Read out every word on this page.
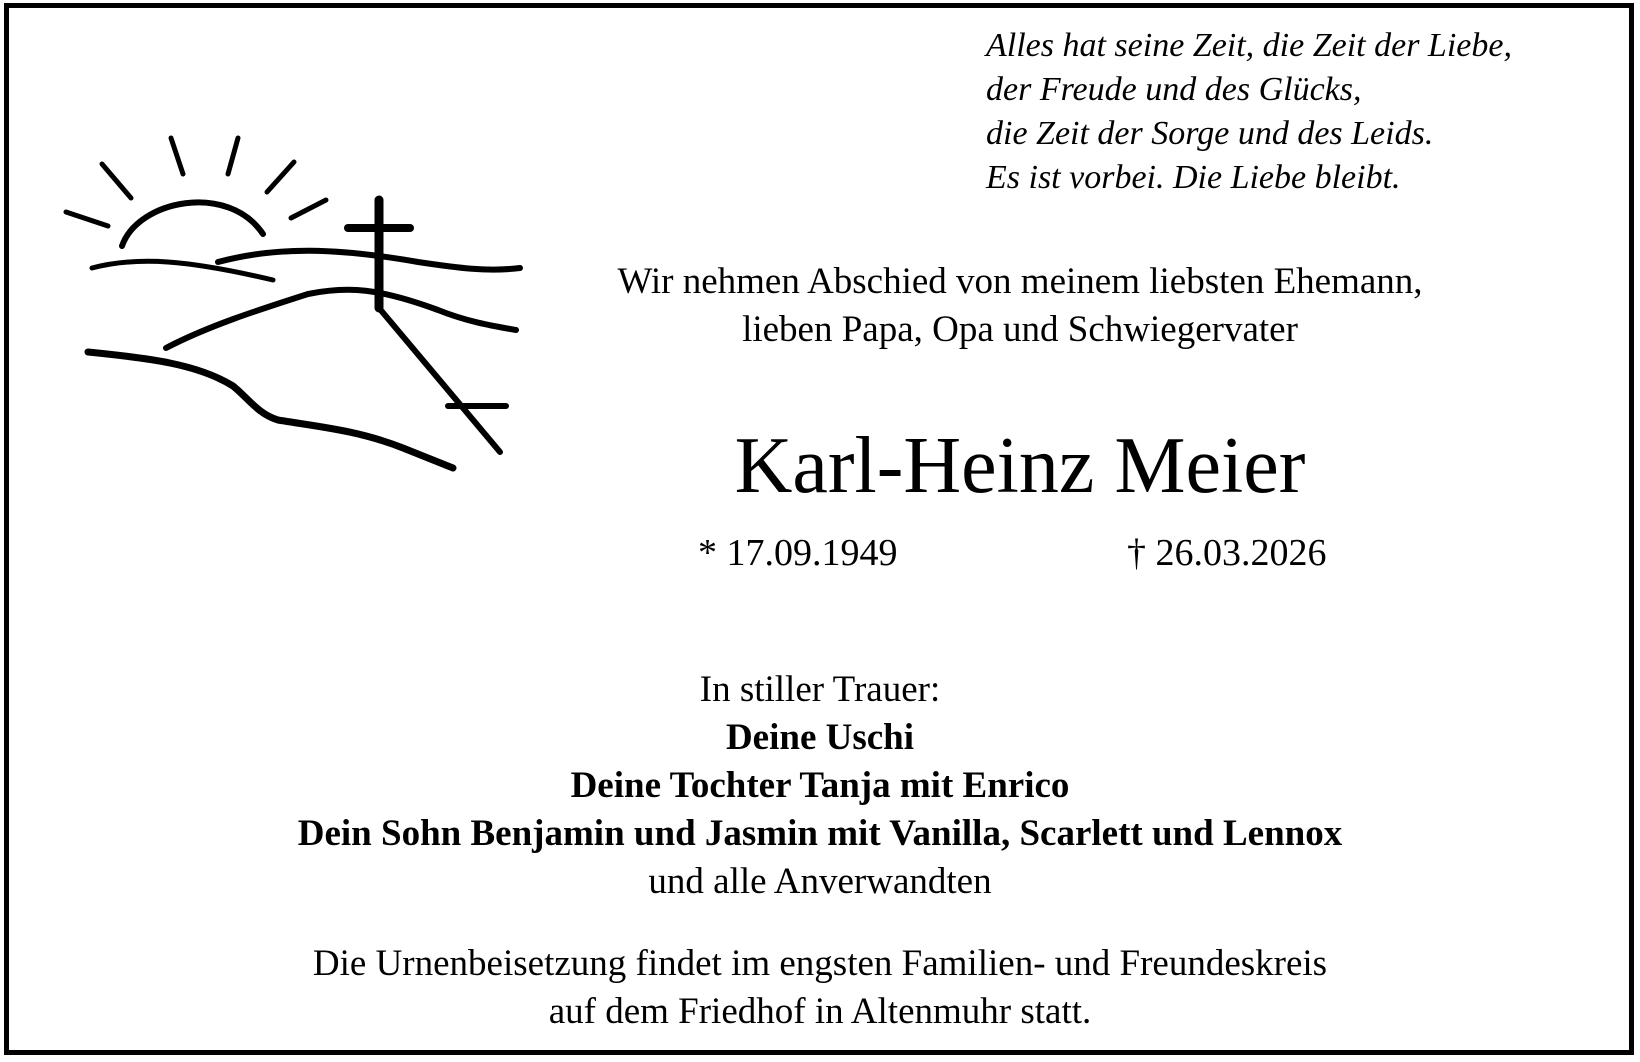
Alles hat seine Zeit, die Zeit der Liebe,
der Freude und des Glücks,
die Zeit der Sorge und des Leids.
Es ist vorbei. Die Liebe bleibt.
Wir nehmen Abschied von meinem liebsten Ehemann,
lieben Papa, Opa und Schwiegervater
Karl-Heinz Meier
* 17.09.1949	† 26.03.2026
In stiller Trauer:
Deine Uschi
Deine Tochter Tanja mit Enrico
Dein Sohn Benjamin und Jasmin mit Vanilla, Scarlett und Lennox
und alle Anverwandten
Die Urnenbeisetzung findet im engsten Familien- und Freundeskreis
auf dem Friedhof in Altenmuhr statt.
